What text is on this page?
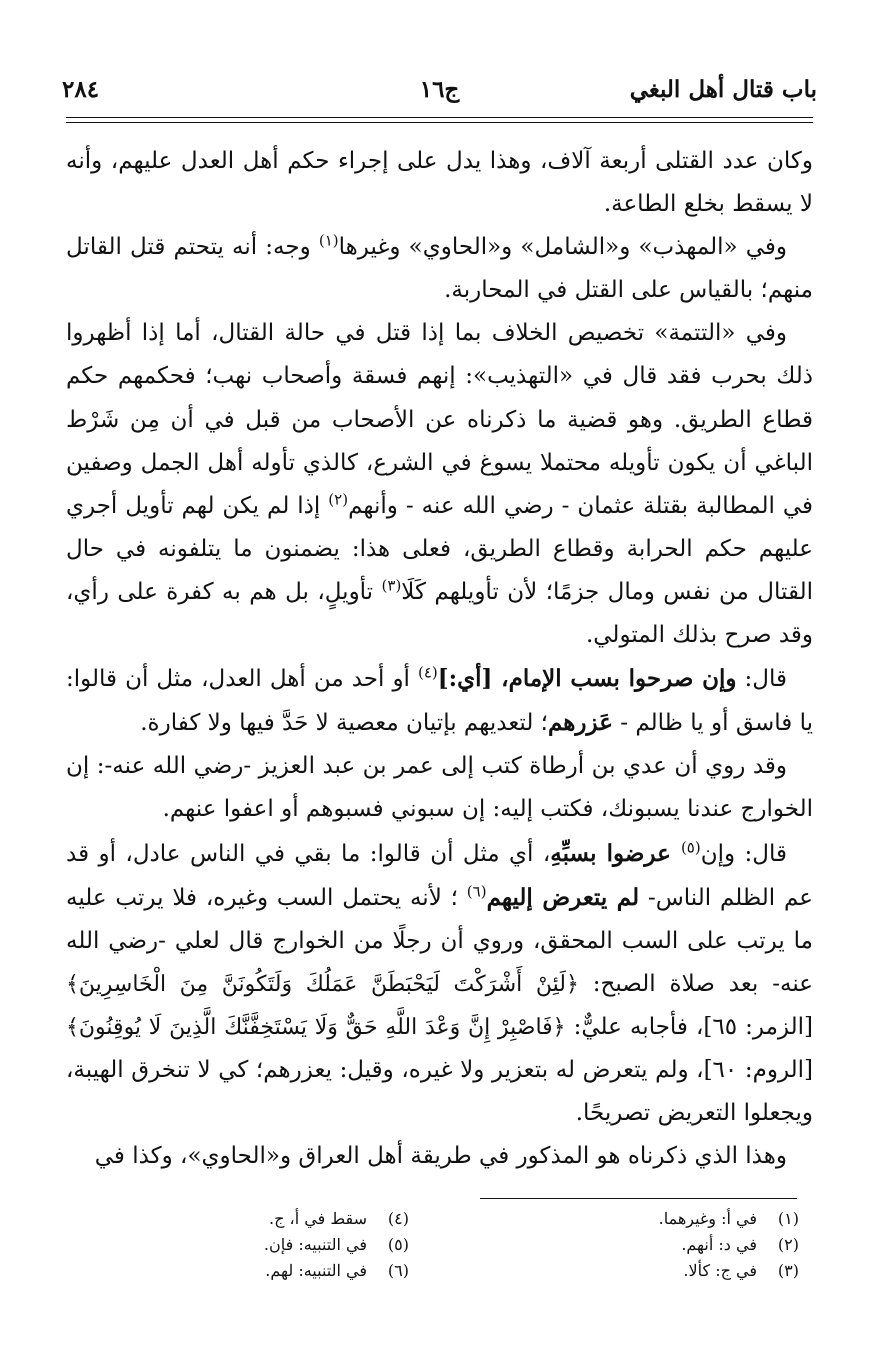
باب قتال أهل البغي
ج١٦
٢٨٤

وكان عدد القتلى أربعة آلاف، وهذا يدل على إجراء حكم أهل العدل عليهم، وأنه لا يسقط بخلع الطاعة.

وفي «المهذب» و«الشامل» و«الحاوي» وغيرها$^{(١)}$ وجه: أنه يتحتم قتل القاتل منهم؛ بالقياس على القتل في المحاربة.

وفي «التتمة» تخصيص الخلاف بما إذا قتل في حالة القتال، أما إذا أظهروا ذلك بحرب فقد قال في «التهذيب»: إنهم فسقة وأصحاب نهب؛ فحكمهم حكم قطاع الطريق. وهو قضية ما ذكرناه عن الأصحاب من قبل في أن مِن شَرْط الباغي أن يكون تأويله محتملا يسوغ في الشرع، كالذي تأوله أهل الجمل وصفين في المطالبة بقتلة عثمان - رضي الله عنه - وأنهم$^{(٢)}$ إذا لم يكن لهم تأويل أجري عليهم حكم الحرابة وقطاع الطريق، فعلى هذا: يضمنون ما يتلفونه في حال القتال من نفس ومال جزمًا؛ لأن تأويلهم كَلَا$^{(٣)}$ تأويلٍ، بل هم به كفرة على رأي، وقد صرح بذلك المتولي.

قال: وإن صرحوا بسب الإمام، [أي:]$^{(٤)}$ أو أحد من أهل العدل، مثل أن قالوا: يا فاسق أو يا ظالم - عَزرهم؛ لتعديهم بإتيان معصية لا حَدَّ فيها ولا كفارة.

وقد روي أن عدي بن أرطاة كتب إلى عمر بن عبد العزيز -رضي الله عنه-: إن الخوارج عندنا يسبونك، فكتب إليه: إن سبوني فسبوهم أو اعفوا عنهم.

قال: وإن$^{(٥)}$ عرضوا بسبِّهِ، أي مثل أن قالوا: ما بقي في الناس عادل، أو قد عم الظلم الناس- لم يتعرض إليهم$^{(٦)}$ ؛ لأنه يحتمل السب وغيره، فلا يرتب عليه ما يرتب على السب المحقق، وروي أن رجلًا من الخوارج قال لعلي -رضي الله عنه- بعد صلاة الصبح: ﴿لَئِنْ أَشْرَكْتَ لَيَحْبَطَنَّ عَمَلُكَ وَلَتَكُونَنَّ مِنَ الْخَاسِرِينَ﴾ [الزمر: ٦٥]، فأجابه عليٌّ: ﴿فَاصْبِرْ إِنَّ وَعْدَ اللَّهِ حَقٌّ وَلَا يَسْتَخِفَّنَّكَ الَّذِينَ لَا يُوقِنُونَ﴾ [الروم: ٦٠]، ولم يتعرض له بتعزير ولا غيره، وقيل: يعزرهم؛ كي لا تنخرق الهيبة، ويجعلوا التعريض تصريحًا.

وهذا الذي ذكرناه هو المذكور في طريقة أهل العراق و«الحاوي»، وكذا في

(١)في أ: وغيرهما.
(٢)في د: أنهم.
(٣)في ج: كألا.
(٤)سقط في أ، ج.
(٥)في التنبيه: فإن.
(٦)في التنبيه: لهم.
